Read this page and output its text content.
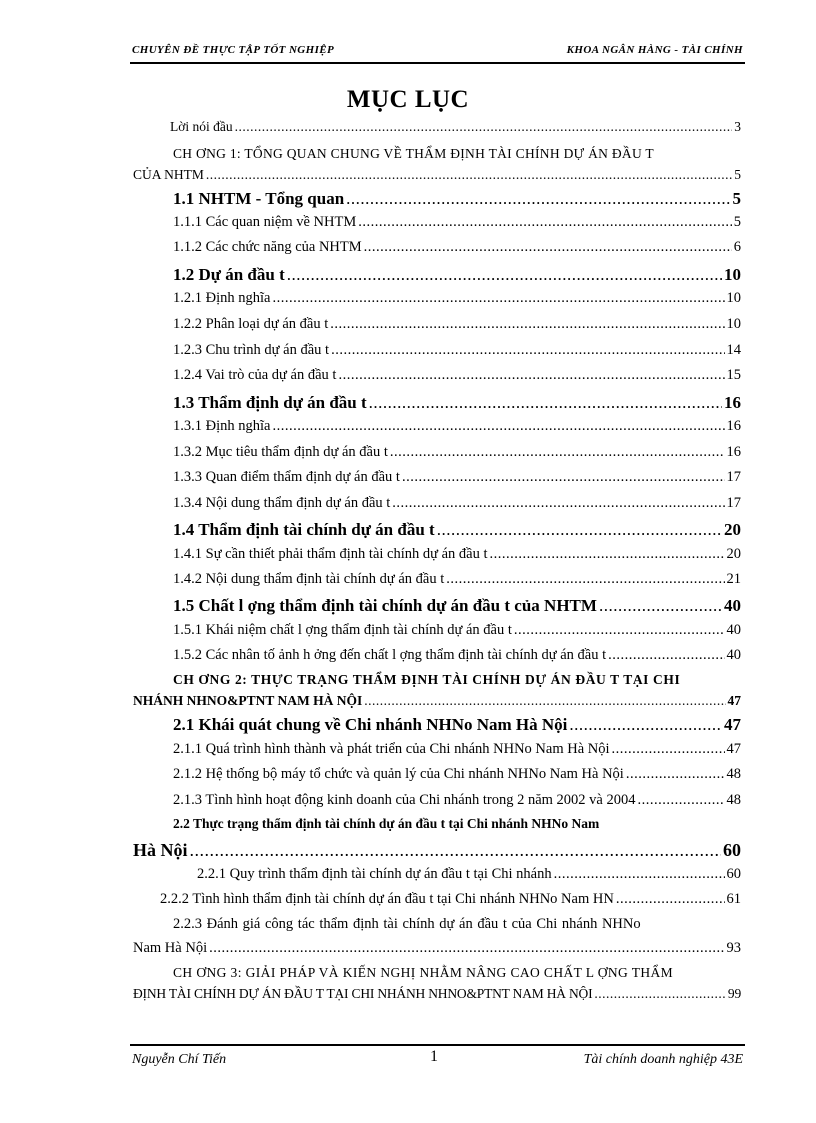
CHUYÊN ĐỀ THỰC TẬP TỐT NGHIỆP	KHOA NGÂN HÀNG - TÀI CHÍNH
MỤC LỤC
Lời nói đầu .....	3
CH ƠNG 1: TỔNG QUAN CHUNG VỀ THẨM ĐỊNH TÀI CHÍNH DỰ ÁN ĐẦU T
CỦA NHTM .....	5
1.1 NHTM - Tổng quan .....	5
1.1.1 Các quan niệm về NHTM .....	5
1.1.2 Các chức năng của NHTM .....	6
1.2 Dự án đầu t .....	10
1.2.1 Định nghĩa .....	10
1.2.2 Phân loại dự án đầu t .....	10
1.2.3 Chu trình dự án đầu t .....	14
1.2.4 Vai trò của dự án đầu t .....	15
1.3 Thẩm định dự án đầu t .....	16
1.3.1 Định nghĩa .....	16
1.3.2 Mục tiêu thẩm định dự án đầu t .....	16
1.3.3 Quan điểm thẩm định dự án đầu t .....	17
1.3.4 Nội dung thẩm định dự án đầu t .....	17
1.4 Thẩm định tài chính dự án đầu t .....	20
1.4.1 Sự cần thiết phải thẩm định tài chính dự án đầu t .....	20
1.4.2 Nội dung thẩm định tài chính dự án đầu t .....	21
1.5 Chất l ợng thẩm định tài chính dự án đầu t của NHTM .....	40
1.5.1 Khái niệm chất l ợng thẩm định tài chính dự án đầu t .....	40
1.5.2 Các nhân tố ảnh h ởng đến chất l ợng thẩm định tài chính dự án đầu t .....	40
CH ƠNG 2: THỰC TRẠNG THẨM ĐỊNH TÀI CHÍNH DỰ ÁN ĐẦU T TẠI CHI
NHÁNH NHNO&PTNT NAM HÀ NỘI .....	47
2.1 Khái quát chung về Chi nhánh NHNo Nam Hà Nội .....	47
2.1.1 Quá trình hình thành và phát triển của Chi nhánh NHNo Nam Hà Nội .....	47
2.1.2 Hệ thống bộ máy tổ chức và quản lý của Chi nhánh NHNo Nam Hà Nội .....	48
2.1.3 Tình hình hoạt động kinh doanh của Chi nhánh trong 2 năm 2002 và 2004 .....	48
2.2 Thực trạng thẩm định tài chính dự án đầu t tại Chi nhánh NHNo Nam
Hà Nội .....	60
2.2.1 Quy trình thẩm định tài chính dự án đầu t tại Chi nhánh .....	60
2.2.2 Tình hình thẩm định tài chính dự án đầu t tại Chi nhánh NHNo Nam HN .....	61
2.2.3 Đánh giá công tác thẩm định tài chính dự án đầu t của Chi nhánh NHNo
Nam Hà Nội .....	93
CH ƠNG 3: GIẢI PHÁP VÀ KIẾN NGHỊ NHẰM NÂNG CAO CHẤT L ỢNG THẨM
ĐỊNH TÀI CHÍNH DỰ ÁN ĐẦU T TẠI CHI NHÁNH NHNO&PTNT NAM HÀ NỘI .....	99
Nguyễn Chí Tiến	1	Tài chính doanh nghiệp 43E
